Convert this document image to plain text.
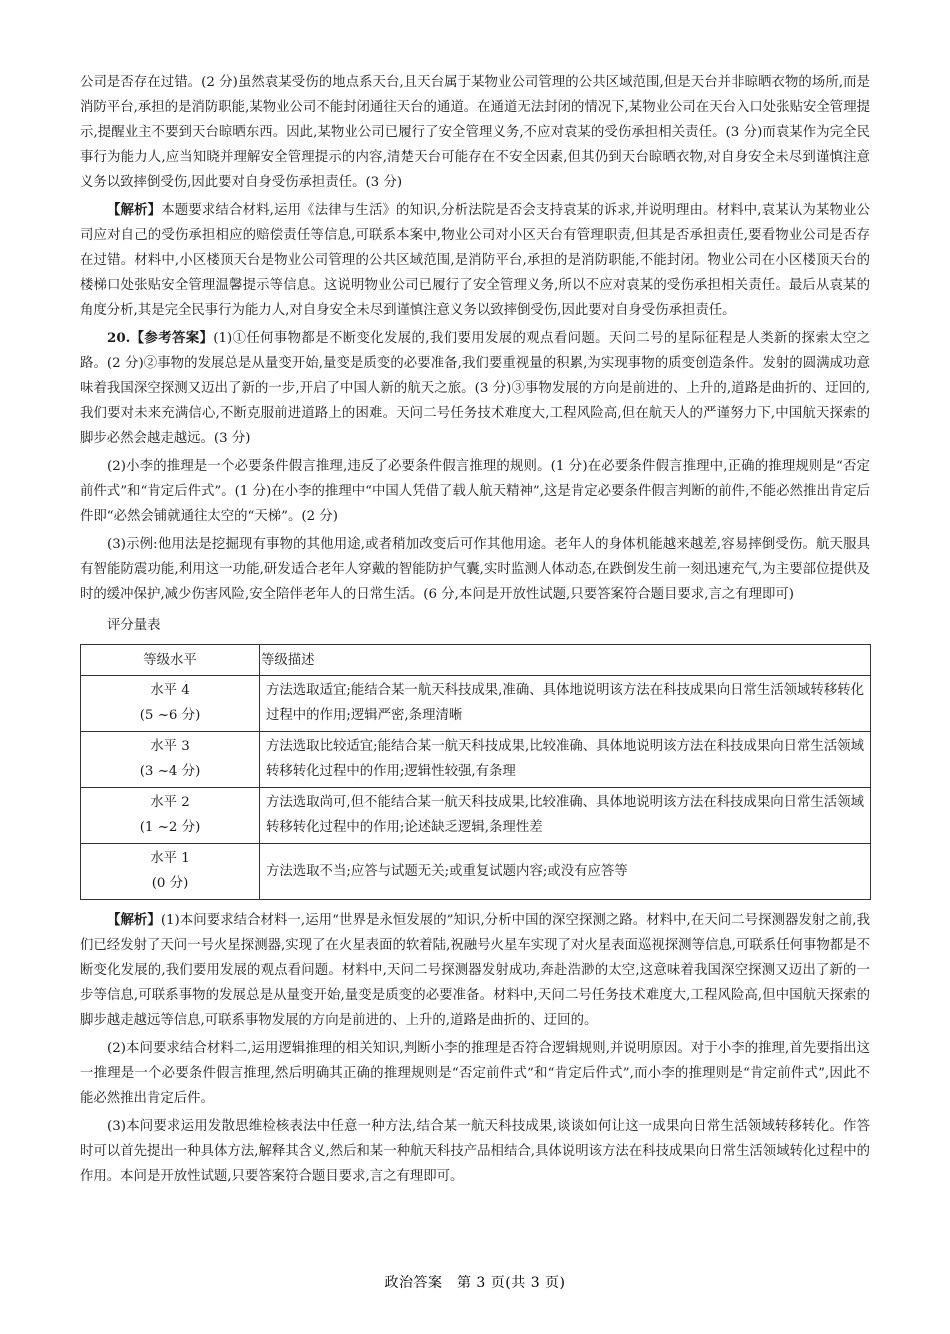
公司是否存在过错。(2 分)虽然袁某受伤的地点系天台,且天台属于某物业公司管理的公共区域范围,但是天台并非晾晒衣物的场所,而是消防平台,承担的是消防职能,某物业公司不能封闭通往天台的通道。在通道无法封闭的情况下,某物业公司在天台入口处张贴安全管理提示,提醒业主不要到天台晾晒东西。因此,某物业公司已履行了安全管理义务,不应对袁某的受伤承担相关责任。(3 分)而袁某作为完全民事行为能力人,应当知晓并理解安全管理提示的内容,清楚天台可能存在不安全因素,但其仍到天台晾晒衣物,对自身安全未尽到谨慎注意义务以致摔倒受伤,因此要对自身受伤承担责任。(3 分)

【解析】本题要求结合材料,运用《法律与生活》的知识,分析法院是否会支持袁某的诉求,并说明理由。材料中,袁某认为某物业公司应对自己的受伤承担相应的赔偿责任等信息,可联系本案中,物业公司对小区天台有管理职责,但其是否承担责任,要看物业公司是否存在过错。材料中,小区楼顶天台是物业公司管理的公共区域范围,是消防平台,承担的是消防职能,不能封闭。物业公司在小区楼顶天台的楼梯口处张贴安全管理温馨提示等信息。这说明物业公司已履行了安全管理义务,所以不应对袁某的受伤承担相关责任。最后从袁某的角度分析,其是完全民事行为能力人,对自身安全未尽到谨慎注意义务以致摔倒受伤,因此要对自身受伤承担责任。

20.【参考答案】(1)①任何事物都是不断变化发展的,我们要用发展的观点看问题。天问二号的星际征程是人类新的探索太空之路。(2 分)②事物的发展总是从量变开始,量变是质变的必要准备,我们要重视量的积累,为实现事物的质变创造条件。发射的圆满成功意味着我国深空探测又迈出了新的一步,开启了中国人新的航天之旅。(3 分)③事物发展的方向是前进的、上升的,道路是曲折的、迂回的,我们要对未来充满信心,不断克服前进道路上的困难。天问二号任务技术难度大,工程风险高,但在航天人的严谨努力下,中国航天探索的脚步必然会越走越远。(3 分)

(2)小李的推理是一个必要条件假言推理,违反了必要条件假言推理的规则。(1 分)在必要条件假言推理中,正确的推理规则是“否定前件式”和“肯定后件式”。(1 分)在小李的推理中“中国人凭借了载人航天精神”,这是肯定必要条件假言判断的前件,不能必然推出肯定后件即“必然会铺就通往太空的“天梯”。(2 分)

(3)示例:他用法是挖掘现有事物的其他用途,或者稍加改变后可作其他用途。老年人的身体机能越来越差,容易摔倒受伤。航天服具有智能防震功能,利用这一功能,研发适合老年人穿戴的智能防护气囊,实时监测人体动态,在跌倒发生前一刻迅速充气,为主要部位提供及时的缓冲保护,减少伤害风险,安全陪伴老年人的日常生活。(6 分,本问是开放性试题,只要答案符合题目要求,言之有理即可)

评分量表

等级水平	等级描述

水平 4
(5 ~6 分)	方法选取适宜;能结合某一航天科技成果,准确、具体地说明该方法在科技成果向日常生活领域转移转化过程中的作用;逻辑严密,条理清晰

水平 3
(3 ~4 分)	方法选取比较适宜;能结合某一航天科技成果,比较准确、具体地说明该方法在科技成果向日常生活领域转移转化过程中的作用;逻辑性较强,有条理

水平 2
(1 ~2 分)	方法选取尚可,但不能结合某一航天科技成果,比较准确、具体地说明该方法在科技成果向日常生活领域转移转化过程中的作用;论述缺乏逻辑,条理性差

水平 1
(0 分)	方法选取不当;应答与试题无关;或重复试题内容;或没有应答等

【解析】(1)本问要求结合材料一,运用“世界是永恒发展的”知识,分析中国的深空探测之路。材料中,在天问二号探测器发射之前,我们已经发射了天问一号火星探测器,实现了在火星表面的软着陆,祝融号火星车实现了对火星表面巡视探测等信息,可联系任何事物都是不断变化发展的,我们要用发展的观点看问题。材料中,天问二号探测器发射成功,奔赴浩渺的太空,这意味着我国深空探测又迈出了新的一步等信息,可联系事物的发展总是从量变开始,量变是质变的必要准备。材料中,天问二号任务技术难度大,工程风险高,但中国航天探索的脚步越走越远等信息,可联系事物发展的方向是前进的、上升的,道路是曲折的、迂回的。

(2)本问要求结合材料二,运用逻辑推理的相关知识,判断小李的推理是否符合逻辑规则,并说明原因。对于小李的推理,首先要指出这一推理是一个必要条件假言推理,然后明确其正确的推理规则是“否定前件式”和“肯定后件式”,而小李的推理则是“肯定前件式”,因此不能必然推出肯定后件。

(3)本问要求运用发散思维检核表法中任意一种方法,结合某一航天科技成果,谈谈如何让这一成果向日常生活领域转移转化。作答时可以首先提出一种具体方法,解释其含义,然后和某一种航天科技产品相结合,具体说明该方法在科技成果向日常生活领域转化过程中的作用。本问是开放性试题,只要答案符合题目要求,言之有理即可。

政治答案　第 3 页(共 3 页)
